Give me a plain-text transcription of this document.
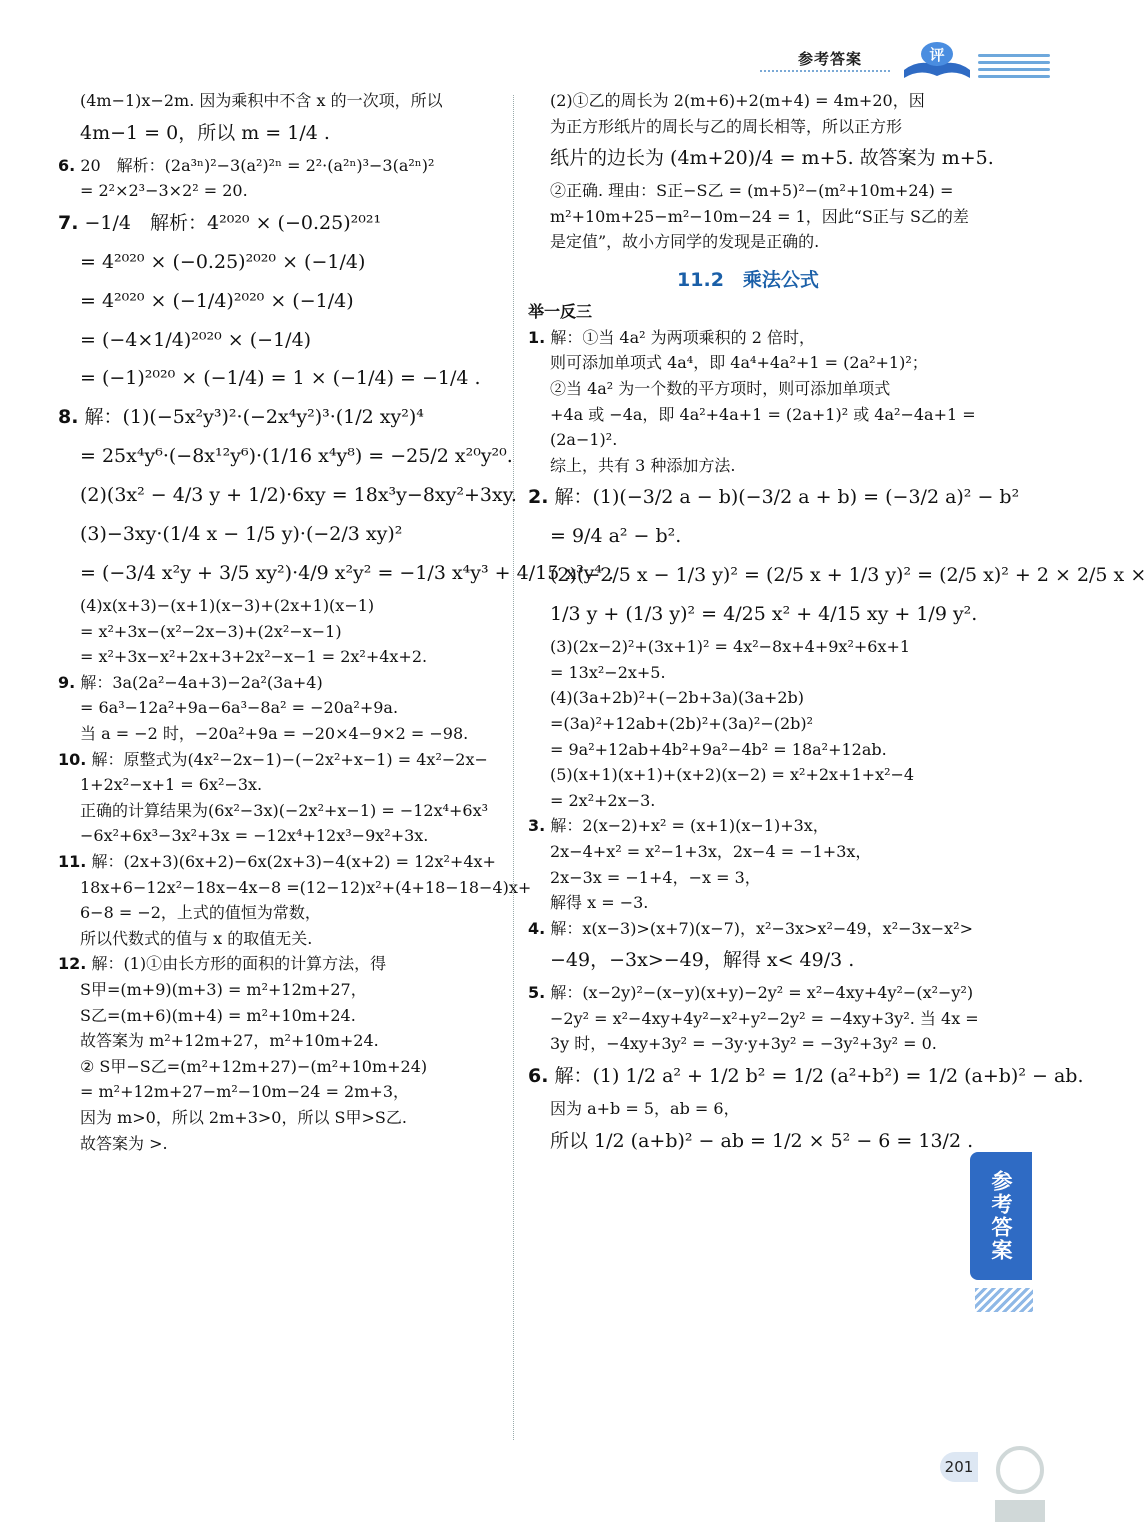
参考答案	评
(4m−1)x−2m. 因为乘积中不含 x 的一次项，所以
4m−1 = 0，所以 m = 1/4 .
6. 20　解析：(2a³ⁿ)²−3(a²)²ⁿ = 2²·(a²ⁿ)³−3(a²ⁿ)²
= 2²×2³−3×2² = 20.
7. −1/4　解析：4²⁰²⁰ × (−0.25)²⁰²¹
= 4²⁰²⁰ × (−0.25)²⁰²⁰ × (−1/4)
= 4²⁰²⁰ × (−1/4)²⁰²⁰ × (−1/4)
= (−4×1/4)²⁰²⁰ × (−1/4)
= (−1)²⁰²⁰ × (−1/4) = 1 × (−1/4) = −1/4 .
8. 解：(1)(−5x²y³)²·(−2x⁴y²)³·(1/2 xy²)⁴
= 25x⁴y⁶·(−8x¹²y⁶)·(1/16 x⁴y⁸) = −25/2 x²⁰y²⁰.
(2)(3x² − 4/3 y + 1/2)·6xy = 18x³y−8xy²+3xy.
(3)−3xy·(1/4 x − 1/5 y)·(−2/3 xy)²
= (−3/4 x²y + 3/5 xy²)·4/9 x²y² = −1/3 x⁴y³ + 4/15 x³y⁴ .
(4)x(x+3)−(x+1)(x−3)+(2x+1)(x−1)
= x²+3x−(x²−2x−3)+(2x²−x−1)
= x²+3x−x²+2x+3+2x²−x−1 = 2x²+4x+2.
9. 解：3a(2a²−4a+3)−2a²(3a+4)
= 6a³−12a²+9a−6a³−8a² = −20a²+9a.
当 a = −2 时，−20a²+9a = −20×4−9×2 = −98.
10. 解：原整式为(4x²−2x−1)−(−2x²+x−1) = 4x²−2x−
1+2x²−x+1 = 6x²−3x.
正确的计算结果为(6x²−3x)(−2x²+x−1) = −12x⁴+6x³
−6x²+6x³−3x²+3x = −12x⁴+12x³−9x²+3x.
11. 解：(2x+3)(6x+2)−6x(2x+3)−4(x+2) = 12x²+4x+
18x+6−12x²−18x−4x−8 =(12−12)x²+(4+18−18−4)x+
6−8 = −2，上式的值恒为常数，
所以代数式的值与 x 的取值无关.
12. 解：(1)①由长方形的面积的计算方法，得
S甲=(m+9)(m+3) = m²+12m+27，
S乙=(m+6)(m+4) = m²+10m+24.
故答案为 m²+12m+27，m²+10m+24.
② S甲−S乙=(m²+12m+27)−(m²+10m+24)
= m²+12m+27−m²−10m−24 = 2m+3，
因为 m>0，所以 2m+3>0，所以 S甲>S乙.
故答案为 >.
(2)①乙的周长为 2(m+6)+2(m+4) = 4m+20，因
为正方形纸片的周长与乙的周长相等，所以正方形
纸片的边长为 (4m+20)/4 = m+5. 故答案为 m+5.
②正确. 理由：S正−S乙 = (m+5)²−(m²+10m+24) =
m²+10m+25−m²−10m−24 = 1，因此“S正与 S乙的差
是定值”，故小方同学的发现是正确的.
11.2　乘法公式
举一反三
1. 解：①当 4a² 为两项乘积的 2 倍时，
则可添加单项式 4a⁴，即 4a⁴+4a²+1 = (2a²+1)²；
②当 4a² 为一个数的平方项时，则可添加单项式
+4a 或 −4a，即 4a²+4a+1 = (2a+1)² 或 4a²−4a+1 =
(2a−1)².
综上，共有 3 种添加方法.
2. 解：(1)(−3/2 a − b)(−3/2 a + b) = (−3/2 a)² − b²
= 9/4 a² − b².
(2)(−2/5 x − 1/3 y)² = (2/5 x + 1/3 y)² = (2/5 x)² + 2 × 2/5 x ×
1/3 y + (1/3 y)² = 4/25 x² + 4/15 xy + 1/9 y².
(3)(2x−2)²+(3x+1)² = 4x²−8x+4+9x²+6x+1
= 13x²−2x+5.
(4)(3a+2b)²+(−2b+3a)(3a+2b)
=(3a)²+12ab+(2b)²+(3a)²−(2b)²
= 9a²+12ab+4b²+9a²−4b² = 18a²+12ab.
(5)(x+1)(x+1)+(x+2)(x−2) = x²+2x+1+x²−4
= 2x²+2x−3.
3. 解：2(x−2)+x² = (x+1)(x−1)+3x，
2x−4+x² = x²−1+3x，2x−4 = −1+3x，
2x−3x = −1+4，−x = 3，
解得 x = −3.
4. 解：x(x−3)>(x+7)(x−7)，x²−3x>x²−49，x²−3x−x²>
−49，−3x>−49，解得 x< 49/3 .
5. 解：(x−2y)²−(x−y)(x+y)−2y² = x²−4xy+4y²−(x²−y²)
−2y² = x²−4xy+4y²−x²+y²−2y² = −4xy+3y². 当 4x =
3y 时，−4xy+3y² = −3y·y+3y² = −3y²+3y² = 0.
6. 解：(1) 1/2 a² + 1/2 b² = 1/2 (a²+b²) = 1/2 (a+b)² − ab.
因为 a+b = 5，ab = 6，
所以 1/2 (a+b)² − ab = 1/2 × 5² − 6 = 13/2 .
参考答案
201
